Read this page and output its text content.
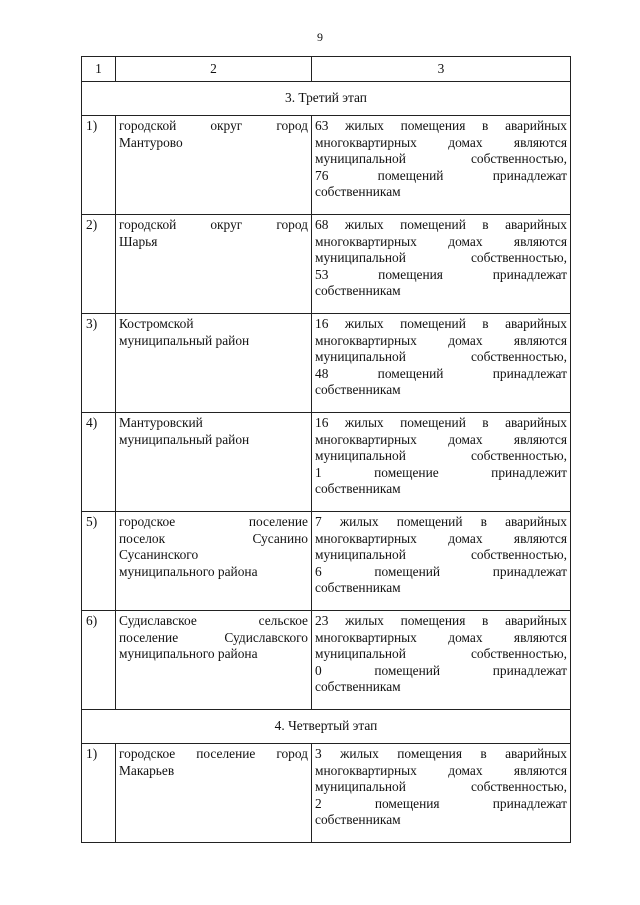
9
1	2	3
3. Третий этап		
1)	городской округ город
Мантурово	63 жилых помещения в аварийных
многоквартирных домах являются
муниципальной собственностью,
76 помещений принадлежат
собственникам

2)	городской округ город
Шарья	68 жилых помещений в аварийных
многоквартирных домах являются
муниципальной собственностью,
53 помещения принадлежат
собственникам

3)	Костромской
муниципальный район	16 жилых помещений в аварийных
многоквартирных домах являются
муниципальной собственностью,
48 помещений принадлежат
собственникам

4)	Мантуровский
муниципальный район	16 жилых помещений в аварийных
многоквартирных домах являются
муниципальной собственностью,
1 помещение принадлежит
собственникам

5)	городское поселение
поселок Сусанино
Сусанинского
муниципального района	7 жилых помещений в аварийных
многоквартирных домах являются
муниципальной собственностью,
6 помещений принадлежат
собственникам

6)	Судиславское сельское
поселение Судиславского
муниципального района	23 жилых помещения в аварийных
многоквартирных домах являются
муниципальной собственностью,
0 помещений принадлежат
собственникам

4. Четвертый этап		
1)	городское поселение город
Макарьев	3 жилых помещения в аварийных
многоквартирных домах являются
муниципальной собственностью,
2 помещения принадлежат
собственникам
